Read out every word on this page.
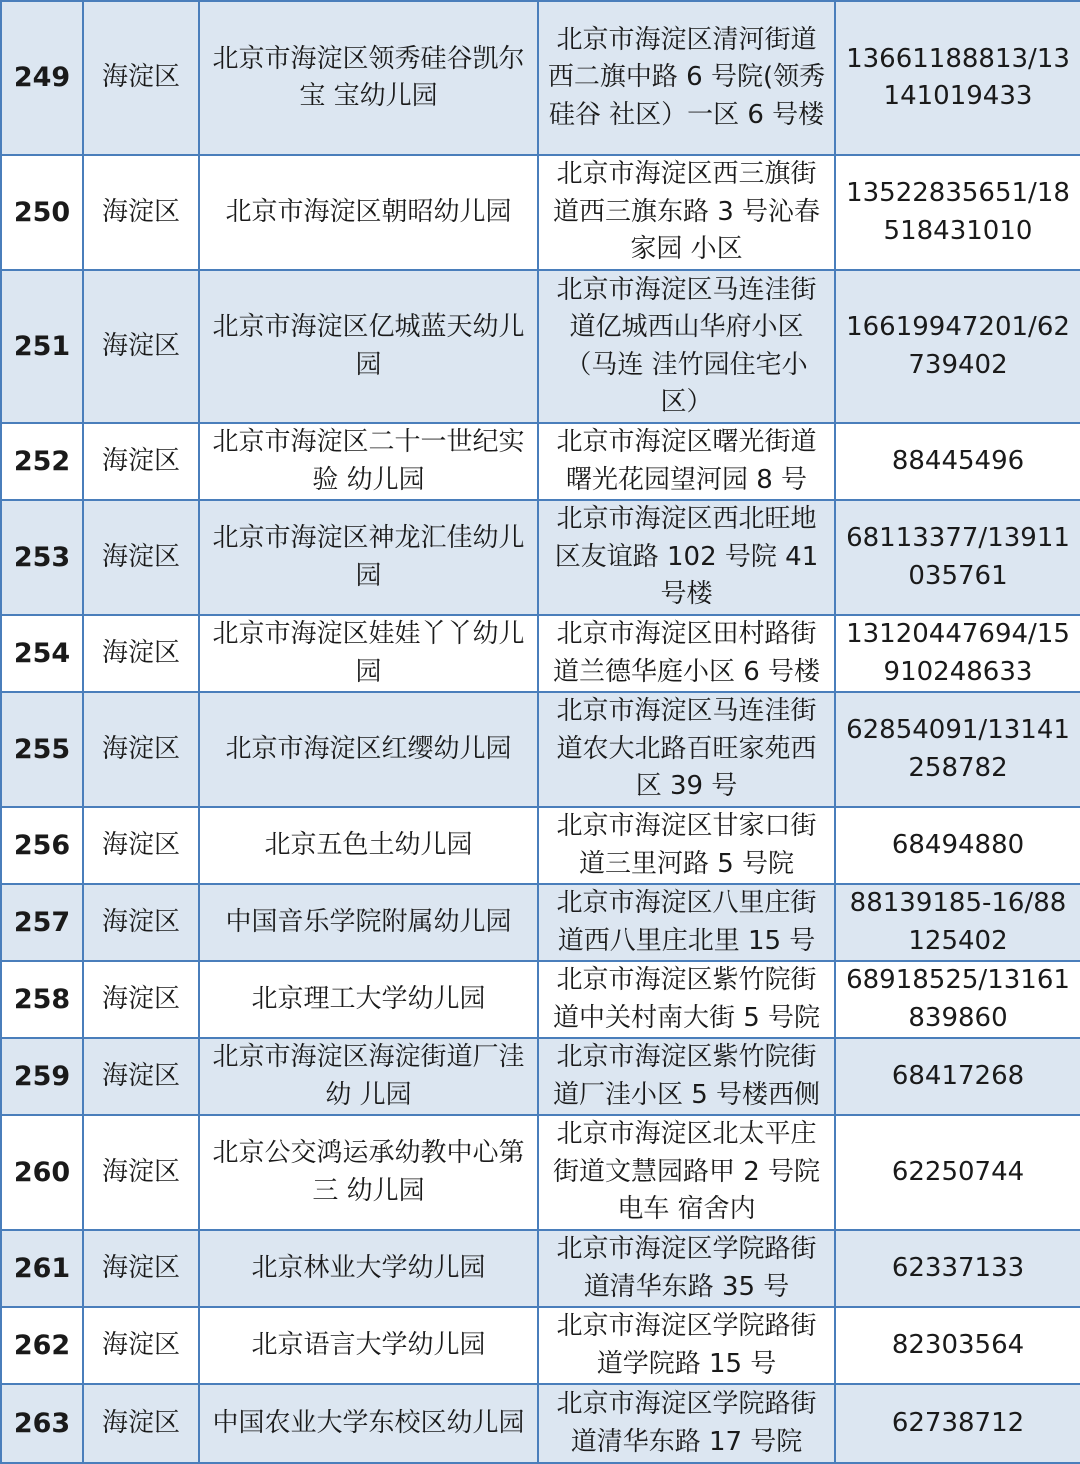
249	海淀区	北京市海淀区领秀硅谷凯尔宝 宝幼儿园	北京市海淀区清河街道西二旗中路 6 号院(领秀硅谷 社区）一区 6 号楼	13661188813/13141019433
250	海淀区	北京市海淀区朝昭幼儿园	北京市海淀区西三旗街道西三旗东路 3 号沁春家园 小区	13522835651/18518431010
251	海淀区	北京市海淀区亿城蓝天幼儿园	北京市海淀区马连洼街道亿城西山华府小区（马连 洼竹园住宅小区）	16619947201/62739402
252	海淀区	北京市海淀区二十一世纪实验 幼儿园	北京市海淀区曙光街道曙光花园望河园 8 号	88445496
253	海淀区	北京市海淀区神龙汇佳幼儿园	北京市海淀区西北旺地区友谊路 102 号院 41 号楼	68113377/13911035761
254	海淀区	北京市海淀区娃娃丫丫幼儿园	北京市海淀区田村路街道兰德华庭小区 6 号楼	13120447694/15910248633
255	海淀区	北京市海淀区红缨幼儿园	北京市海淀区马连洼街道农大北路百旺家苑西区 39 号	62854091/13141258782
256	海淀区	北京五色土幼儿园	北京市海淀区甘家口街道三里河路 5 号院	68494880
257	海淀区	中国音乐学院附属幼儿园	北京市海淀区八里庄街道西八里庄北里 15 号	88139185-16/88125402
258	海淀区	北京理工大学幼儿园	北京市海淀区紫竹院街道中关村南大街 5 号院	68918525/13161839860
259	海淀区	北京市海淀区海淀街道厂洼幼 儿园	北京市海淀区紫竹院街道厂洼小区 5 号楼西侧	68417268
260	海淀区	北京公交鸿运承幼教中心第三 幼儿园	北京市海淀区北太平庄街道文慧园路甲 2 号院电车 宿舍内	62250744
261	海淀区	北京林业大学幼儿园	北京市海淀区学院路街道清华东路 35 号	62337133
262	海淀区	北京语言大学幼儿园	北京市海淀区学院路街道学院路 15 号	82303564
263	海淀区	中国农业大学东校区幼儿园	北京市海淀区学院路街道清华东路 17 号院	62738712
